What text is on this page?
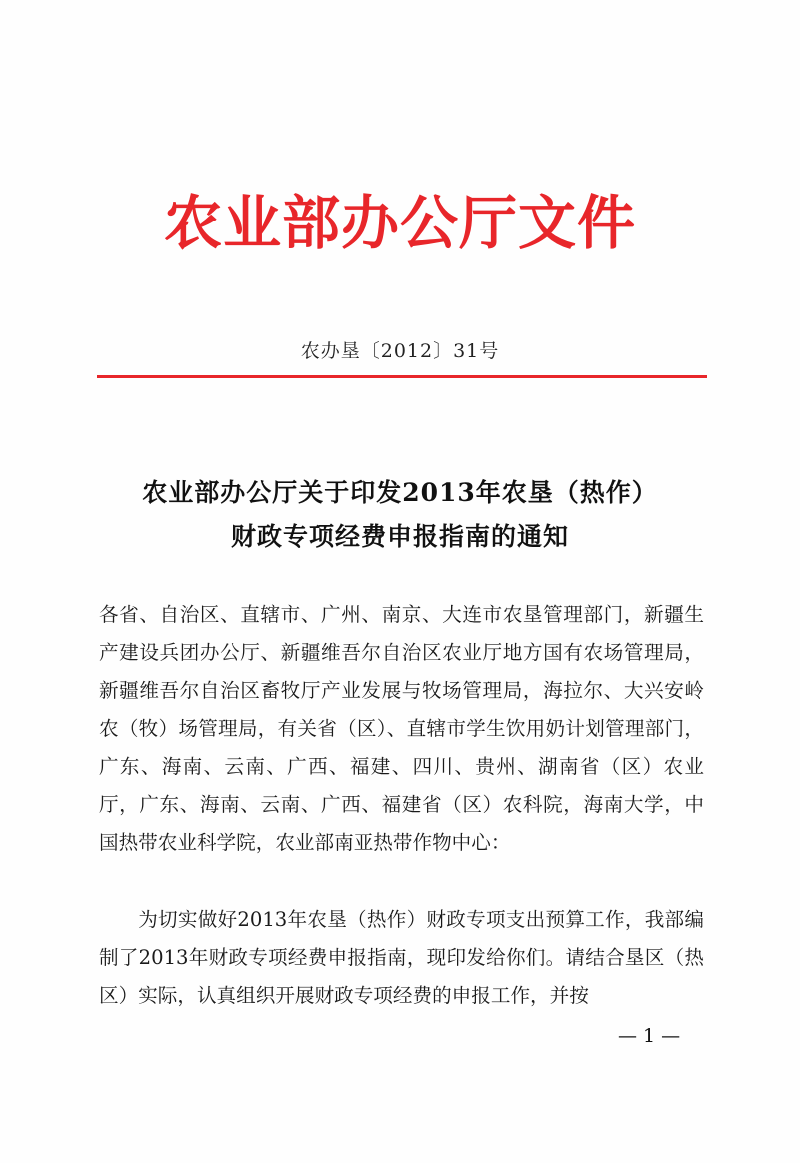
农业部办公厅文件
农办垦〔2012〕31号
农业部办公厅关于印发2013年农垦（热作）
财政专项经费申报指南的通知
各省、自治区、直辖市、广州、南京、大连市农垦管理部门，新疆生产建设兵团办公厅、新疆维吾尔自治区农业厅地方国有农场管理局，新疆维吾尔自治区畜牧厅产业发展与牧场管理局，海拉尔、大兴安岭农（牧）场管理局，有关省（区）、直辖市学生饮用奶计划管理部门，广东、海南、云南、广西、福建、四川、贵州、湖南省（区）农业厅，广东、海南、云南、广西、福建省（区）农科院，海南大学，中国热带农业科学院，农业部南亚热带作物中心：
为切实做好2013年农垦（热作）财政专项支出预算工作，我部编制了2013年财政专项经费申报指南，现印发给你们。请结合垦区（热区）实际，认真组织开展财政专项经费的申报工作，并按
— 1 —
